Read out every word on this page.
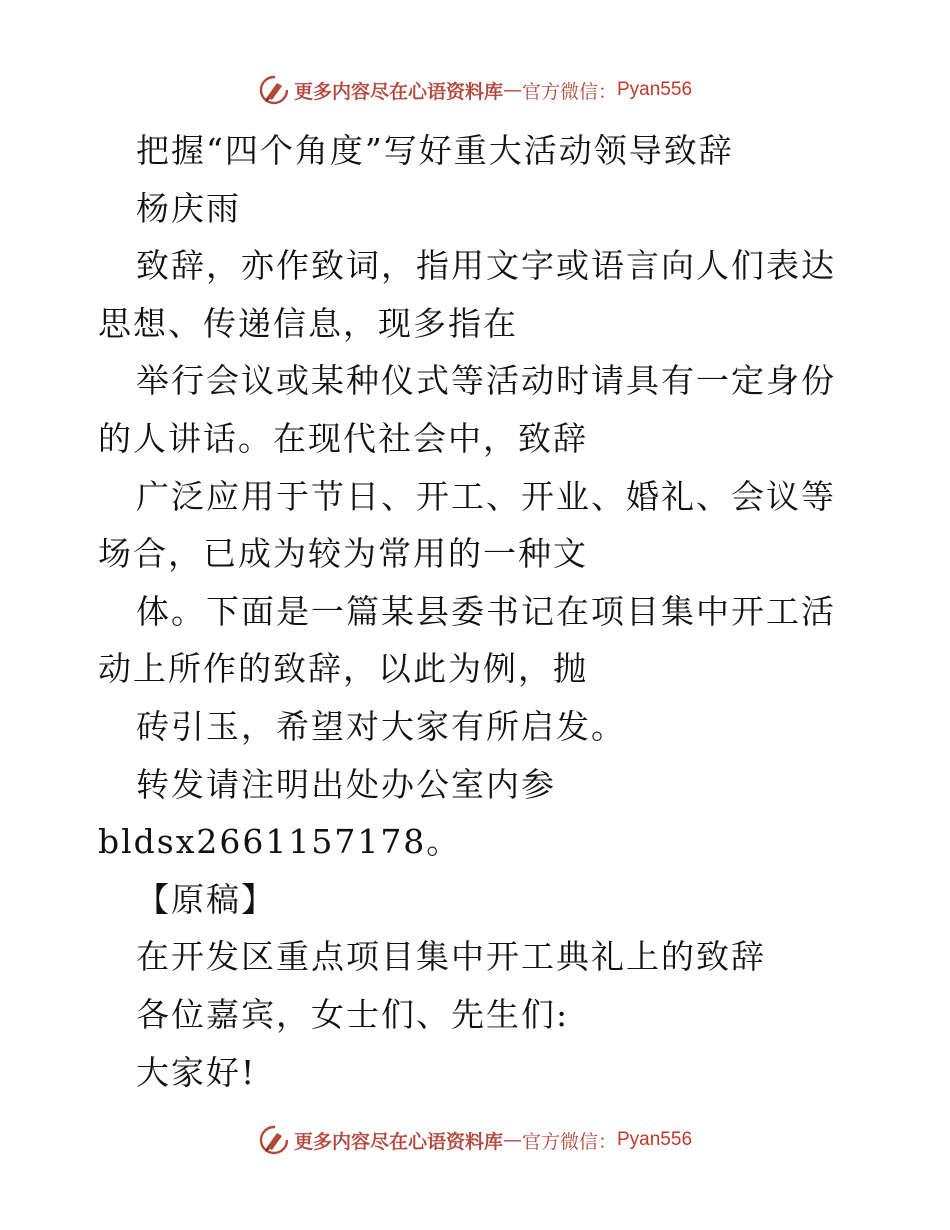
更多内容尽在心语资料库 — 官方微信： Pyan556

把握“四个角度”写好重大活动领导致辞

杨庆雨

致辞，亦作致词，指用文字或语言向人们表达思想、传递信息，现多指在

举行会议或某种仪式等活动时请具有一定身份的人讲话。在现代社会中，致辞

广泛应用于节日、开工、开业、婚礼、会议等场合，已成为较为常用的一种文

体。下面是一篇某县委书记在项目集中开工活动上所作的致辞，以此为例，抛

砖引玉，希望对大家有所启发。

转发请注明出处办公室内参 bldsx2661157178。

【原稿】

在开发区重点项目集中开工典礼上的致辞

各位嘉宾，女士们、先生们:

大家好!

更多内容尽在心语资料库 — 官方微信： Pyan556
